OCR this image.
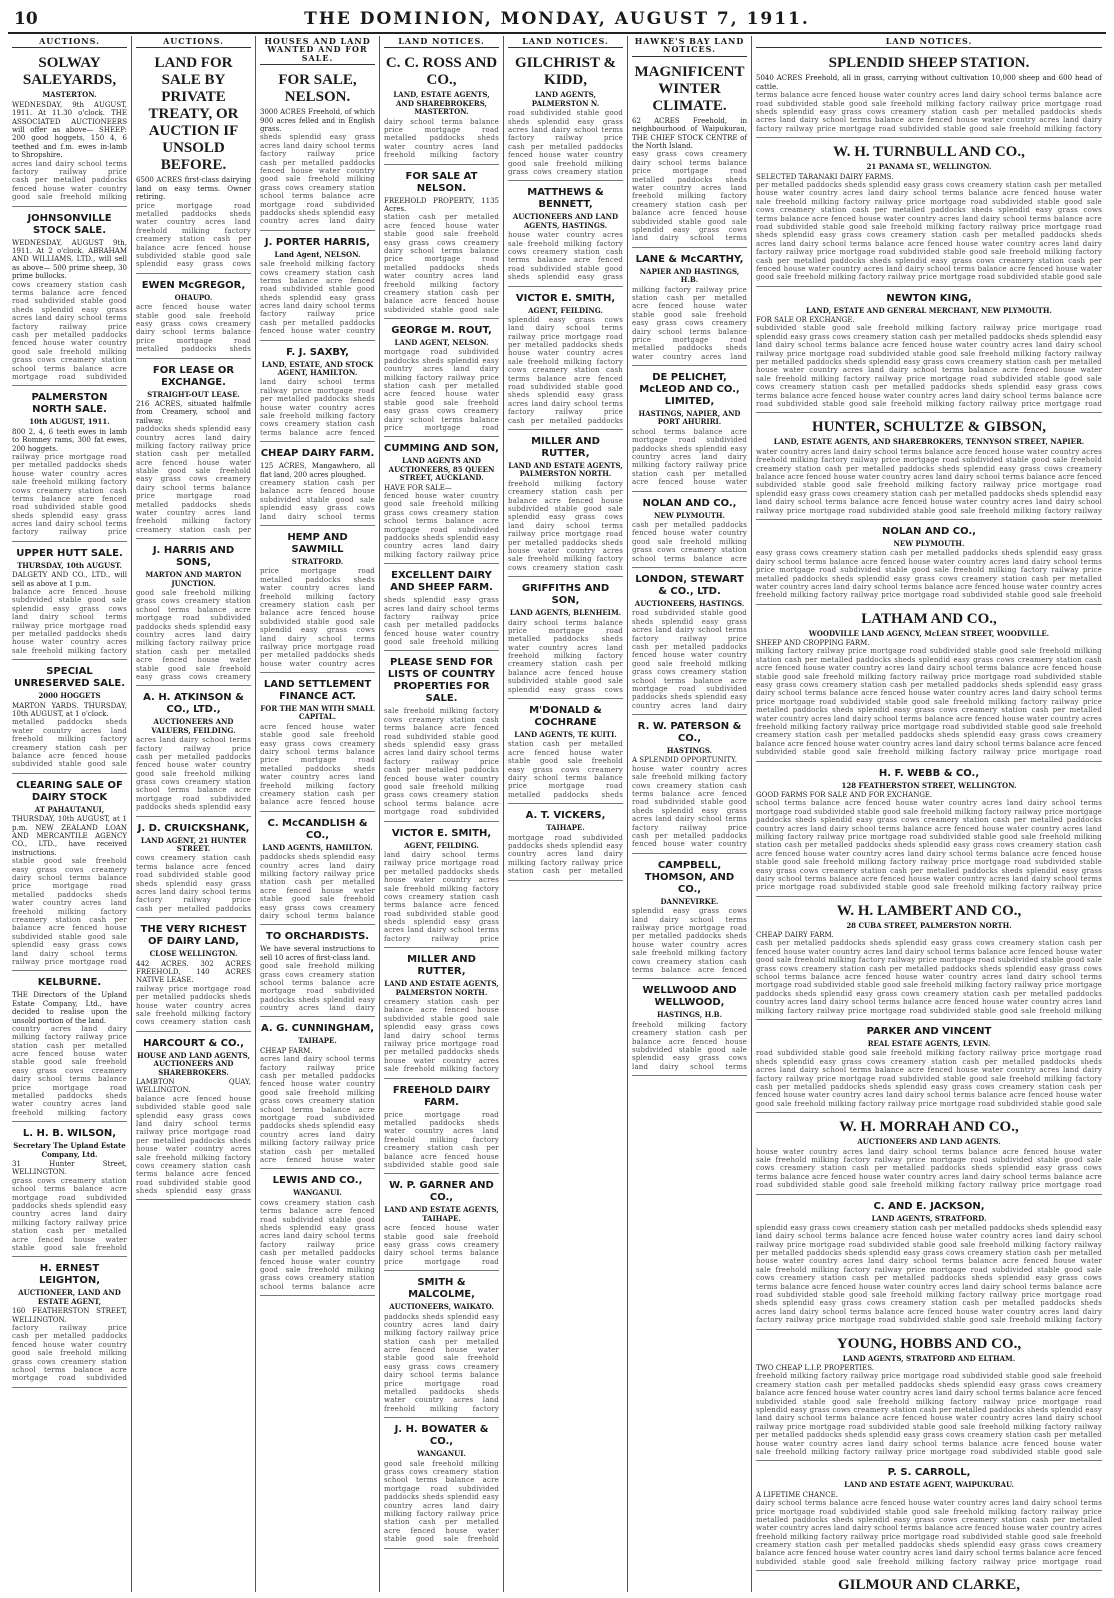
10	THE DOMINION, MONDAY, AUGUST 7, 1911.
AUCTIONS.
SOLWAY SALEYARDS,
MASTERTON.
WEDNESDAY, 9th AUGUST, 1911. At 11.30 o'clock. THE ASSOCIATED AUCTIONEERS will offer as above— SHEEP: 200 good hoggets, 150 4, 6 teethed and f.m. ewes in-lamb to Shropshire.
acres land dairy school terms
factory railway price
cash per metalled paddocks
fenced house water country
good sale freehold milking
JOHNSONVILLE STOCK SALE.
WEDNESDAY, AUGUST 9th, 1911. At 2 o'clock. ABRAHAM AND WILLIAMS, LTD., will sell as above— 500 prime sheep, 30 prime bullocks.
cows creamery station cash
terms balance acre fenced
road subdivided stable good
sheds splendid easy grass
acres land dairy school terms
factory railway price
cash per metalled paddocks
fenced house water country
good sale freehold milking
grass cows creamery station
school terms balance acre
mortgage road subdivided
PALMERSTON NORTH SALE.
10th AUGUST, 1911.
800 2, 4, 6 teeth ewes in lamb to Romney rams, 300 fat ewes, 200 hoggets.
railway price mortgage road
per metalled paddocks sheds
house water country acres
sale freehold milking factory
cows creamery station cash
terms balance acre fenced
road subdivided stable good
sheds splendid easy grass
acres land dairy school terms
factory railway price
UPPER HUTT SALE.
THURSDAY, 10th AUGUST.
DALGETY AND CO., LTD., will sell as above at 1 p.m.
balance acre fenced house
subdivided stable good sale
splendid easy grass cows
land dairy school terms
railway price mortgage road
per metalled paddocks sheds
house water country acres
sale freehold milking factory
SPECIAL UNRESERVED SALE.
2000 HOGGETS
MARTON YARDS. THURSDAY, 10th AUGUST, at 1 o'clock.
metalled paddocks sheds
water country acres land
freehold milking factory
creamery station cash per
balance acre fenced house
subdivided stable good sale
CLEARING SALE OF DAIRY STOCK
AT PAHAUTANUI,
THURSDAY, 10th AUGUST, at 1 p.m. NEW ZEALAND LOAN AND MERCANTILE AGENCY CO., LTD., have received instructions.
stable good sale freehold
easy grass cows creamery
dairy school terms balance
price mortgage road
metalled paddocks sheds
water country acres land
freehold milking factory
creamery station cash per
balance acre fenced house
subdivided stable good sale
splendid easy grass cows
land dairy school terms
railway price mortgage road
KELBURNE.
THE Directors of the Upland Estate Company, Ltd., have decided to realise upon the unsold portion of the land.
country acres land dairy
milking factory railway price
station cash per metalled
acre fenced house water
stable good sale freehold
easy grass cows creamery
dairy school terms balance
price mortgage road
metalled paddocks sheds
water country acres land
freehold milking factory
L. H. B. WILSON,
Secretary The Upland Estate Company, Ltd.
31 Hunter Street, WELLINGTON.
grass cows creamery station
school terms balance acre
mortgage road subdivided
paddocks sheds splendid easy
country acres land dairy
milking factory railway price
station cash per metalled
acre fenced house water
stable good sale freehold
H. ERNEST LEIGHTON,
AUCTIONEER, LAND AND ESTATE AGENT,
160 FEATHERSTON STREET, WELLINGTON.
factory railway price
cash per metalled paddocks
fenced house water country
good sale freehold milking
grass cows creamery station
school terms balance acre
mortgage road subdivided
AUCTIONS.
LAND FOR SALE BY PRIVATE TREATY, OR AUCTION IF UNSOLD BEFORE.
6500 ACRES first-class dairying land on easy terms. Owner retiring.
price mortgage road
metalled paddocks sheds
water country acres land
freehold milking factory
creamery station cash per
balance acre fenced house
subdivided stable good sale
splendid easy grass cows
EWEN McGREGOR,
OHAUPO.
acre fenced house water
stable good sale freehold
easy grass cows creamery
dairy school terms balance
price mortgage road
metalled paddocks sheds
FOR LEASE OR EXCHANGE.
STRAIGHT-OUT LEASE.
216 ACRES, situated halfmile from Creamery, school and railway.
paddocks sheds splendid easy
country acres land dairy
milking factory railway price
station cash per metalled
acre fenced house water
stable good sale freehold
easy grass cows creamery
dairy school terms balance
price mortgage road
metalled paddocks sheds
water country acres land
freehold milking factory
creamery station cash per
J. HARRIS AND SONS,
MARTON AND MARTON JUNCTION.
good sale freehold milking
grass cows creamery station
school terms balance acre
mortgage road subdivided
paddocks sheds splendid easy
country acres land dairy
milking factory railway price
station cash per metalled
acre fenced house water
stable good sale freehold
easy grass cows creamery
A. H. ATKINSON & CO., LTD.,
AUCTIONEERS AND VALUERS, FEILDING.
acres land dairy school terms
factory railway price
cash per metalled paddocks
fenced house water country
good sale freehold milking
grass cows creamery station
school terms balance acre
mortgage road subdivided
paddocks sheds splendid easy
J. D. CRUICKSHANK,
LAND AGENT, 21 HUNTER STREET.
cows creamery station cash
terms balance acre fenced
road subdivided stable good
sheds splendid easy grass
acres land dairy school terms
factory railway price
cash per metalled paddocks
THE VERY RICHEST OF DAIRY LAND,
CLOSE WELLINGTON.
442 ACRES. 302 ACRES FREEHOLD, 140 ACRES NATIVE LEASE.
railway price mortgage road
per metalled paddocks sheds
house water country acres
sale freehold milking factory
cows creamery station cash
HARCOURT & CO.,
HOUSE AND LAND AGENTS, AUCTIONEERS AND SHAREBROKERS.
LAMBTON QUAY, WELLINGTON.
balance acre fenced house
subdivided stable good sale
splendid easy grass cows
land dairy school terms
railway price mortgage road
per metalled paddocks sheds
house water country acres
sale freehold milking factory
cows creamery station cash
terms balance acre fenced
road subdivided stable good
sheds splendid easy grass
HOUSES AND LAND WANTED AND FOR SALE.
FOR SALE, NELSON.
3000 ACRES Freehold, of which 900 acres felled and in English grass.
sheds splendid easy grass
acres land dairy school terms
factory railway price
cash per metalled paddocks
fenced house water country
good sale freehold milking
grass cows creamery station
school terms balance acre
mortgage road subdivided
paddocks sheds splendid easy
country acres land dairy
J. PORTER HARRIS,
Land Agent, NELSON.
sale freehold milking factory
cows creamery station cash
terms balance acre fenced
road subdivided stable good
sheds splendid easy grass
acres land dairy school terms
factory railway price
cash per metalled paddocks
fenced house water country
F. J. SAXBY,
LAND, ESTATE, AND STOCK AGENT, HAMILTON.
land dairy school terms
railway price mortgage road
per metalled paddocks sheds
house water country acres
sale freehold milking factory
cows creamery station cash
terms balance acre fenced
CHEAP DAIRY FARM.
125 ACRES, Mangawhero, all flat land, 200 acres ploughed.
creamery station cash per
balance acre fenced house
subdivided stable good sale
splendid easy grass cows
land dairy school terms
HEMP AND SAWMILL
STRATFORD.
price mortgage road
metalled paddocks sheds
water country acres land
freehold milking factory
creamery station cash per
balance acre fenced house
subdivided stable good sale
splendid easy grass cows
land dairy school terms
railway price mortgage road
per metalled paddocks sheds
house water country acres
LAND SETTLEMENT FINANCE ACT.
FOR THE MAN WITH SMALL CAPITAL.
acre fenced house water
stable good sale freehold
easy grass cows creamery
dairy school terms balance
price mortgage road
metalled paddocks sheds
water country acres land
freehold milking factory
creamery station cash per
balance acre fenced house
C. McCANDLISH & CO.,
LAND AGENTS, HAMILTON.
paddocks sheds splendid easy
country acres land dairy
milking factory railway price
station cash per metalled
acre fenced house water
stable good sale freehold
easy grass cows creamery
dairy school terms balance
TO ORCHARDISTS.
We have several instructions to sell 10 acres of first-class land.
good sale freehold milking
grass cows creamery station
school terms balance acre
mortgage road subdivided
paddocks sheds splendid easy
country acres land dairy
A. G. CUNNINGHAM,
TAIHAPE.
CHEAP FARM.
acres land dairy school terms
factory railway price
cash per metalled paddocks
fenced house water country
good sale freehold milking
grass cows creamery station
school terms balance acre
mortgage road subdivided
paddocks sheds splendid easy
country acres land dairy
milking factory railway price
station cash per metalled
acre fenced house water
LEWIS AND CO.,
WANGANUI.
cows creamery station cash
terms balance acre fenced
road subdivided stable good
sheds splendid easy grass
acres land dairy school terms
factory railway price
cash per metalled paddocks
fenced house water country
good sale freehold milking
grass cows creamery station
school terms balance acre
LAND NOTICES.
C. C. ROSS AND CO.,
LAND, ESTATE AGENTS, AND SHAREBROKERS, MASTERTON.
dairy school terms balance
price mortgage road
metalled paddocks sheds
water country acres land
freehold milking factory
FOR SALE AT NELSON.
FREEHOLD PROPERTY, 1135 Acres.
station cash per metalled
acre fenced house water
stable good sale freehold
easy grass cows creamery
dairy school terms balance
price mortgage road
metalled paddocks sheds
water country acres land
freehold milking factory
creamery station cash per
balance acre fenced house
subdivided stable good sale
GEORGE M. ROUT,
LAND AGENT, NELSON.
mortgage road subdivided
paddocks sheds splendid easy
country acres land dairy
milking factory railway price
station cash per metalled
acre fenced house water
stable good sale freehold
easy grass cows creamery
dairy school terms balance
price mortgage road
CUMMING AND SON,
LAND AGENTS AND AUCTIONEERS, 85 QUEEN STREET, AUCKLAND.
HAVE FOR SALE—
fenced house water country
good sale freehold milking
grass cows creamery station
school terms balance acre
mortgage road subdivided
paddocks sheds splendid easy
country acres land dairy
milking factory railway price
EXCELLENT DAIRY AND SHEEP FARM.
sheds splendid easy grass
acres land dairy school terms
factory railway price
cash per metalled paddocks
fenced house water country
good sale freehold milking
PLEASE SEND FOR LISTS OF COUNTRY PROPERTIES FOR SALE.
sale freehold milking factory
cows creamery station cash
terms balance acre fenced
road subdivided stable good
sheds splendid easy grass
acres land dairy school terms
factory railway price
cash per metalled paddocks
fenced house water country
good sale freehold milking
grass cows creamery station
school terms balance acre
mortgage road subdivided
VICTOR E. SMITH,
AGENT, FEILDING.
land dairy school terms
railway price mortgage road
per metalled paddocks sheds
house water country acres
sale freehold milking factory
cows creamery station cash
terms balance acre fenced
road subdivided stable good
sheds splendid easy grass
acres land dairy school terms
factory railway price
MILLER AND RUTTER,
LAND AND ESTATE AGENTS, PALMERSTON NORTH.
creamery station cash per
balance acre fenced house
subdivided stable good sale
splendid easy grass cows
land dairy school terms
railway price mortgage road
per metalled paddocks sheds
house water country acres
sale freehold milking factory
FREEHOLD DAIRY FARM.
price mortgage road
metalled paddocks sheds
water country acres land
freehold milking factory
creamery station cash per
balance acre fenced house
subdivided stable good sale
W. P. GARNER AND CO.,
LAND AND ESTATE AGENTS, TAIHAPE.
acre fenced house water
stable good sale freehold
easy grass cows creamery
dairy school terms balance
price mortgage road
SMITH & MALCOLME,
AUCTIONEERS, WAIKATO.
paddocks sheds splendid easy
country acres land dairy
milking factory railway price
station cash per metalled
acre fenced house water
stable good sale freehold
easy grass cows creamery
dairy school terms balance
price mortgage road
metalled paddocks sheds
water country acres land
freehold milking factory
J. H. BOWATER & CO.,
WANGANUI.
good sale freehold milking
grass cows creamery station
school terms balance acre
mortgage road subdivided
paddocks sheds splendid easy
country acres land dairy
milking factory railway price
station cash per metalled
acre fenced house water
stable good sale freehold
LAND NOTICES.
GILCHRIST & KIDD,
LAND AGENTS, PALMERSTON N.
road subdivided stable good
sheds splendid easy grass
acres land dairy school terms
factory railway price
cash per metalled paddocks
fenced house water country
good sale freehold milking
grass cows creamery station
MATTHEWS & BENNETT,
AUCTIONEERS AND LAND AGENTS, HASTINGS.
house water country acres
sale freehold milking factory
cows creamery station cash
terms balance acre fenced
road subdivided stable good
sheds splendid easy grass
VICTOR E. SMITH,
AGENT, FEILDING.
splendid easy grass cows
land dairy school terms
railway price mortgage road
per metalled paddocks sheds
house water country acres
sale freehold milking factory
cows creamery station cash
terms balance acre fenced
road subdivided stable good
sheds splendid easy grass
acres land dairy school terms
factory railway price
cash per metalled paddocks
MILLER AND RUTTER,
LAND AND ESTATE AGENTS, PALMERSTON NORTH.
freehold milking factory
creamery station cash per
balance acre fenced house
subdivided stable good sale
splendid easy grass cows
land dairy school terms
railway price mortgage road
per metalled paddocks sheds
house water country acres
sale freehold milking factory
cows creamery station cash
GRIFFITHS AND SON,
LAND AGENTS, BLENHEIM.
dairy school terms balance
price mortgage road
metalled paddocks sheds
water country acres land
freehold milking factory
creamery station cash per
balance acre fenced house
subdivided stable good sale
splendid easy grass cows
M'DONALD & COCHRANE
LAND AGENTS, TE KUITI.
station cash per metalled
acre fenced house water
stable good sale freehold
easy grass cows creamery
dairy school terms balance
price mortgage road
metalled paddocks sheds
A. T. VICKERS,
TAIHAPE.
mortgage road subdivided
paddocks sheds splendid easy
country acres land dairy
milking factory railway price
station cash per metalled
HAWKE'S BAY LAND NOTICES.
MAGNIFICENT WINTER CLIMATE.
62 ACRES Freehold, in neighbourhood of Waipukurau, THE CHIEF STOCK CENTRE of the North Island.
easy grass cows creamery
dairy school terms balance
price mortgage road
metalled paddocks sheds
water country acres land
freehold milking factory
creamery station cash per
balance acre fenced house
subdivided stable good sale
splendid easy grass cows
land dairy school terms
LANE & McCARTHY,
NAPIER AND HASTINGS, H.B.
milking factory railway price
station cash per metalled
acre fenced house water
stable good sale freehold
easy grass cows creamery
dairy school terms balance
price mortgage road
metalled paddocks sheds
water country acres land
DE PELICHET, McLEOD AND CO., LIMITED,
HASTINGS, NAPIER, AND PORT AHURIRI.
school terms balance acre
mortgage road subdivided
paddocks sheds splendid easy
country acres land dairy
milking factory railway price
station cash per metalled
acre fenced house water
NOLAN AND CO.,
NEW PLYMOUTH.
cash per metalled paddocks
fenced house water country
good sale freehold milking
grass cows creamery station
school terms balance acre
LONDON, STEWART & CO., LTD.
AUCTIONEERS, HASTINGS.
road subdivided stable good
sheds splendid easy grass
acres land dairy school terms
factory railway price
cash per metalled paddocks
fenced house water country
good sale freehold milking
grass cows creamery station
school terms balance acre
mortgage road subdivided
paddocks sheds splendid easy
country acres land dairy
R. W. PATERSON & CO.,
HASTINGS.
A SPLENDID OPPORTUNITY.
house water country acres
sale freehold milking factory
cows creamery station cash
terms balance acre fenced
road subdivided stable good
sheds splendid easy grass
acres land dairy school terms
factory railway price
cash per metalled paddocks
fenced house water country
CAMPBELL, THOMSON, AND CO.,
DANNEVIRKE.
splendid easy grass cows
land dairy school terms
railway price mortgage road
per metalled paddocks sheds
house water country acres
sale freehold milking factory
cows creamery station cash
terms balance acre fenced
WELLWOOD AND WELLWOOD,
HASTINGS, H.B.
freehold milking factory
creamery station cash per
balance acre fenced house
subdivided stable good sale
splendid easy grass cows
land dairy school terms
LAND NOTICES.
SPLENDID SHEEP STATION.
5040 ACRES Freehold, all in grass, carrying without cultivation 10,000 sheep and 600 head of cattle.
terms balance acre fenced house water country acres land dairy school terms balance acre
road subdivided stable good sale freehold milking factory railway price mortgage road
sheds splendid easy grass cows creamery station cash per metalled paddocks sheds
acres land dairy school terms balance acre fenced house water country acres land dairy
factory railway price mortgage road subdivided stable good sale freehold milking factory
W. H. TURNBULL AND CO.,
21 PANAMA ST., WELLINGTON.
SELECTED TARANAKI DAIRY FARMS.
per metalled paddocks sheds splendid easy grass cows creamery station cash per metalled
house water country acres land dairy school terms balance acre fenced house water
sale freehold milking factory railway price mortgage road subdivided stable good sale
cows creamery station cash per metalled paddocks sheds splendid easy grass cows
terms balance acre fenced house water country acres land dairy school terms balance acre
road subdivided stable good sale freehold milking factory railway price mortgage road
sheds splendid easy grass cows creamery station cash per metalled paddocks sheds
acres land dairy school terms balance acre fenced house water country acres land dairy
factory railway price mortgage road subdivided stable good sale freehold milking factory
cash per metalled paddocks sheds splendid easy grass cows creamery station cash per
fenced house water country acres land dairy school terms balance acre fenced house water
good sale freehold milking factory railway price mortgage road subdivided stable good sale
NEWTON KING,
LAND, ESTATE AND GENERAL MERCHANT, NEW PLYMOUTH.
FOR SALE OR EXCHANGE.
subdivided stable good sale freehold milking factory railway price mortgage road
splendid easy grass cows creamery station cash per metalled paddocks sheds splendid easy
land dairy school terms balance acre fenced house water country acres land dairy school
railway price mortgage road subdivided stable good sale freehold milking factory railway
per metalled paddocks sheds splendid easy grass cows creamery station cash per metalled
house water country acres land dairy school terms balance acre fenced house water
sale freehold milking factory railway price mortgage road subdivided stable good sale
cows creamery station cash per metalled paddocks sheds splendid easy grass cows
terms balance acre fenced house water country acres land dairy school terms balance acre
road subdivided stable good sale freehold milking factory railway price mortgage road
HUNTER, SCHULTZE & GIBSON,
LAND, ESTATE AGENTS, AND SHAREBROKERS, TENNYSON STREET, NAPIER.
water country acres land dairy school terms balance acre fenced house water country acres
freehold milking factory railway price mortgage road subdivided stable good sale freehold
creamery station cash per metalled paddocks sheds splendid easy grass cows creamery
balance acre fenced house water country acres land dairy school terms balance acre fenced
subdivided stable good sale freehold milking factory railway price mortgage road
splendid easy grass cows creamery station cash per metalled paddocks sheds splendid easy
land dairy school terms balance acre fenced house water country acres land dairy school
railway price mortgage road subdivided stable good sale freehold milking factory railway
NOLAN AND CO.,
NEW PLYMOUTH.
easy grass cows creamery station cash per metalled paddocks sheds splendid easy grass
dairy school terms balance acre fenced house water country acres land dairy school terms
price mortgage road subdivided stable good sale freehold milking factory railway price
metalled paddocks sheds splendid easy grass cows creamery station cash per metalled
water country acres land dairy school terms balance acre fenced house water country acres
freehold milking factory railway price mortgage road subdivided stable good sale freehold
LATHAM AND CO.,
WOODVILLE LAND AGENCY, McLEAN STREET, WOODVILLE.
SHEEP AND CROPPING FARM.
milking factory railway price mortgage road subdivided stable good sale freehold milking
station cash per metalled paddocks sheds splendid easy grass cows creamery station cash
acre fenced house water country acres land dairy school terms balance acre fenced house
stable good sale freehold milking factory railway price mortgage road subdivided stable
easy grass cows creamery station cash per metalled paddocks sheds splendid easy grass
dairy school terms balance acre fenced house water country acres land dairy school terms
price mortgage road subdivided stable good sale freehold milking factory railway price
metalled paddocks sheds splendid easy grass cows creamery station cash per metalled
water country acres land dairy school terms balance acre fenced house water country acres
freehold milking factory railway price mortgage road subdivided stable good sale freehold
creamery station cash per metalled paddocks sheds splendid easy grass cows creamery
balance acre fenced house water country acres land dairy school terms balance acre fenced
subdivided stable good sale freehold milking factory railway price mortgage road
H. F. WEBB & CO.,
128 FEATHERSTON STREET, WELLINGTON.
GOOD FARMS FOR SALE AND FOR EXCHANGE.
school terms balance acre fenced house water country acres land dairy school terms
mortgage road subdivided stable good sale freehold milking factory railway price mortgage
paddocks sheds splendid easy grass cows creamery station cash per metalled paddocks
country acres land dairy school terms balance acre fenced house water country acres land
milking factory railway price mortgage road subdivided stable good sale freehold milking
station cash per metalled paddocks sheds splendid easy grass cows creamery station cash
acre fenced house water country acres land dairy school terms balance acre fenced house
stable good sale freehold milking factory railway price mortgage road subdivided stable
easy grass cows creamery station cash per metalled paddocks sheds splendid easy grass
dairy school terms balance acre fenced house water country acres land dairy school terms
price mortgage road subdivided stable good sale freehold milking factory railway price
W. H. LAMBERT AND CO.,
28 CUBA STREET, PALMERSTON NORTH.
CHEAP DAIRY FARM.
cash per metalled paddocks sheds splendid easy grass cows creamery station cash per
fenced house water country acres land dairy school terms balance acre fenced house water
good sale freehold milking factory railway price mortgage road subdivided stable good sale
grass cows creamery station cash per metalled paddocks sheds splendid easy grass cows
school terms balance acre fenced house water country acres land dairy school terms
mortgage road subdivided stable good sale freehold milking factory railway price mortgage
paddocks sheds splendid easy grass cows creamery station cash per metalled paddocks
country acres land dairy school terms balance acre fenced house water country acres land
milking factory railway price mortgage road subdivided stable good sale freehold milking
PARKER AND VINCENT
REAL ESTATE AGENTS, LEVIN.
road subdivided stable good sale freehold milking factory railway price mortgage road
sheds splendid easy grass cows creamery station cash per metalled paddocks sheds
acres land dairy school terms balance acre fenced house water country acres land dairy
factory railway price mortgage road subdivided stable good sale freehold milking factory
cash per metalled paddocks sheds splendid easy grass cows creamery station cash per
fenced house water country acres land dairy school terms balance acre fenced house water
good sale freehold milking factory railway price mortgage road subdivided stable good sale
W. H. MORRAH AND CO.,
AUCTIONEERS AND LAND AGENTS.
house water country acres land dairy school terms balance acre fenced house water
sale freehold milking factory railway price mortgage road subdivided stable good sale
cows creamery station cash per metalled paddocks sheds splendid easy grass cows
terms balance acre fenced house water country acres land dairy school terms balance acre
road subdivided stable good sale freehold milking factory railway price mortgage road
C. AND E. JACKSON,
LAND AGENTS, STRATFORD.
splendid easy grass cows creamery station cash per metalled paddocks sheds splendid easy
land dairy school terms balance acre fenced house water country acres land dairy school
railway price mortgage road subdivided stable good sale freehold milking factory railway
per metalled paddocks sheds splendid easy grass cows creamery station cash per metalled
house water country acres land dairy school terms balance acre fenced house water
sale freehold milking factory railway price mortgage road subdivided stable good sale
cows creamery station cash per metalled paddocks sheds splendid easy grass cows
terms balance acre fenced house water country acres land dairy school terms balance acre
road subdivided stable good sale freehold milking factory railway price mortgage road
sheds splendid easy grass cows creamery station cash per metalled paddocks sheds
acres land dairy school terms balance acre fenced house water country acres land dairy
factory railway price mortgage road subdivided stable good sale freehold milking factory
YOUNG, HOBBS AND CO.,
LAND AGENTS, STRATFORD AND ELTHAM.
TWO CHEAP L.I.P. PROPERTIES.
freehold milking factory railway price mortgage road subdivided stable good sale freehold
creamery station cash per metalled paddocks sheds splendid easy grass cows creamery
balance acre fenced house water country acres land dairy school terms balance acre fenced
subdivided stable good sale freehold milking factory railway price mortgage road
splendid easy grass cows creamery station cash per metalled paddocks sheds splendid easy
land dairy school terms balance acre fenced house water country acres land dairy school
railway price mortgage road subdivided stable good sale freehold milking factory railway
per metalled paddocks sheds splendid easy grass cows creamery station cash per metalled
house water country acres land dairy school terms balance acre fenced house water
sale freehold milking factory railway price mortgage road subdivided stable good sale
P. S. CARROLL,
LAND AND ESTATE AGENT, WAIPUKURAU.
A LIFETIME CHANCE.
dairy school terms balance acre fenced house water country acres land dairy school terms
price mortgage road subdivided stable good sale freehold milking factory railway price
metalled paddocks sheds splendid easy grass cows creamery station cash per metalled
water country acres land dairy school terms balance acre fenced house water country acres
freehold milking factory railway price mortgage road subdivided stable good sale freehold
creamery station cash per metalled paddocks sheds splendid easy grass cows creamery
balance acre fenced house water country acres land dairy school terms balance acre fenced
subdivided stable good sale freehold milking factory railway price mortgage road
GILMOUR AND CLARKE,
